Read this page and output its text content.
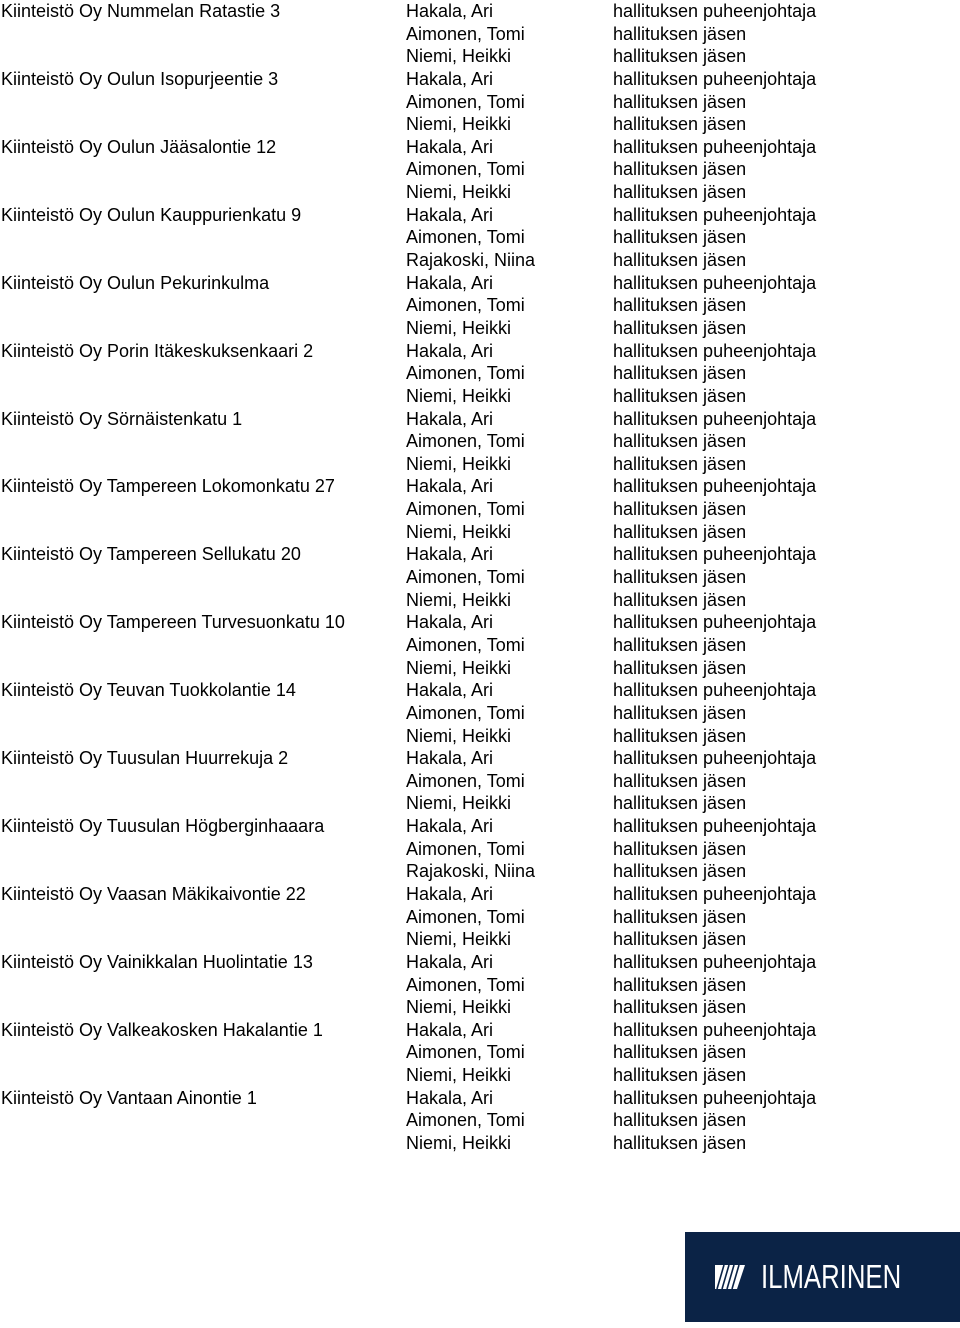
Kiinteistö Oy Nummelan Ratastie 3	Hakala, Ari	hallituksen puheenjohtaja
Aimonen, Tomi	hallituksen jäsen
Niemi, Heikki	hallituksen jäsen
Kiinteistö Oy Oulun Isopurjeentie 3	Hakala, Ari	hallituksen puheenjohtaja
Aimonen, Tomi	hallituksen jäsen
Niemi, Heikki	hallituksen jäsen
Kiinteistö Oy Oulun Jääsalontie 12	Hakala, Ari	hallituksen puheenjohtaja
Aimonen, Tomi	hallituksen jäsen
Niemi, Heikki	hallituksen jäsen
Kiinteistö Oy Oulun Kauppurienkatu 9	Hakala, Ari	hallituksen puheenjohtaja
Aimonen, Tomi	hallituksen jäsen
Rajakoski, Niina	hallituksen jäsen
Kiinteistö Oy Oulun Pekurinkulma	Hakala, Ari	hallituksen puheenjohtaja
Aimonen, Tomi	hallituksen jäsen
Niemi, Heikki	hallituksen jäsen
Kiinteistö Oy Porin Itäkeskuksenkaari 2	Hakala, Ari	hallituksen puheenjohtaja
Aimonen, Tomi	hallituksen jäsen
Niemi, Heikki	hallituksen jäsen
Kiinteistö Oy Sörnäistenkatu 1	Hakala, Ari	hallituksen puheenjohtaja
Aimonen, Tomi	hallituksen jäsen
Niemi, Heikki	hallituksen jäsen
Kiinteistö Oy Tampereen Lokomonkatu 27	Hakala, Ari	hallituksen puheenjohtaja
Aimonen, Tomi	hallituksen jäsen
Niemi, Heikki	hallituksen jäsen
Kiinteistö Oy Tampereen Sellukatu 20	Hakala, Ari	hallituksen puheenjohtaja
Aimonen, Tomi	hallituksen jäsen
Niemi, Heikki	hallituksen jäsen
Kiinteistö Oy Tampereen Turvesuonkatu 10	Hakala, Ari	hallituksen puheenjohtaja
Aimonen, Tomi	hallituksen jäsen
Niemi, Heikki	hallituksen jäsen
Kiinteistö Oy Teuvan Tuokkolantie 14	Hakala, Ari	hallituksen puheenjohtaja
Aimonen, Tomi	hallituksen jäsen
Niemi, Heikki	hallituksen jäsen
Kiinteistö Oy Tuusulan Huurrekuja 2	Hakala, Ari	hallituksen puheenjohtaja
Aimonen, Tomi	hallituksen jäsen
Niemi, Heikki	hallituksen jäsen
Kiinteistö Oy Tuusulan Högberginhaaara	Hakala, Ari	hallituksen puheenjohtaja
Aimonen, Tomi	hallituksen jäsen
Rajakoski, Niina	hallituksen jäsen
Kiinteistö Oy Vaasan Mäkikaivontie 22	Hakala, Ari	hallituksen puheenjohtaja
Aimonen, Tomi	hallituksen jäsen
Niemi, Heikki	hallituksen jäsen
Kiinteistö Oy Vainikkalan Huolintatie 13	Hakala, Ari	hallituksen puheenjohtaja
Aimonen, Tomi	hallituksen jäsen
Niemi, Heikki	hallituksen jäsen
Kiinteistö Oy Valkeakosken Hakalantie 1	Hakala, Ari	hallituksen puheenjohtaja
Aimonen, Tomi	hallituksen jäsen
Niemi, Heikki	hallituksen jäsen
Kiinteistö Oy Vantaan Ainontie 1	Hakala, Ari	hallituksen puheenjohtaja
Aimonen, Tomi	hallituksen jäsen
Niemi, Heikki	hallituksen jäsen
ILMARINEN
